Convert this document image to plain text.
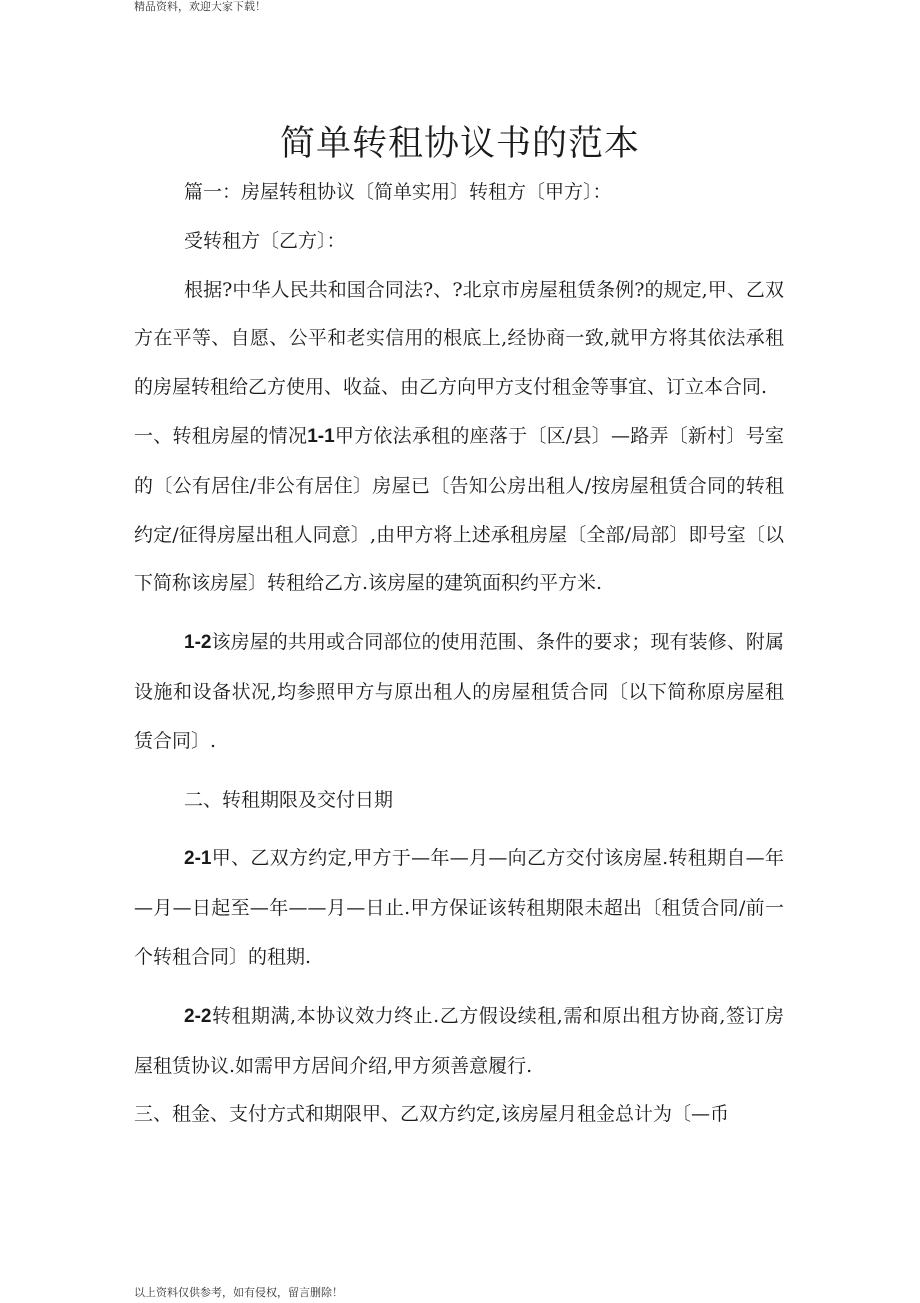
精品资料，欢迎大家下载！
简单转租协议书的范本

篇一：房屋转租协议〔简单实用〕转租方〔甲方〕：

受转租方〔乙方〕：

根据?中华人民共和国合同法?、?北京市房屋租赁条例?的规定,甲、乙双方在平等、自愿、公平和老实信用的根底上,经协商一致,就甲方将其依法承租的房屋转租给乙方使用、收益、由乙方向甲方支付租金等事宜、订立本合同.

一、转租房屋的情况1-1甲方依法承租的座落于〔区/县〕—路弄〔新村〕号室的〔公有居住/非公有居住〕房屋已〔告知公房出租人/按房屋租赁合同的转租约定/征得房屋出租人同意〕,由甲方将上述承租房屋〔全部/局部〕即号室〔以下简称该房屋〕转租给乙方.该房屋的建筑面积约平方米.

1-2该房屋的共用或合同部位的使用范围、条件的要求；现有装修、附属设施和设备状况,均参照甲方与原出租人的房屋租赁合同〔以下简称原房屋租赁合同〕.

二、转租期限及交付日期

2-1甲、乙双方约定,甲方于—年—月—向乙方交付该房屋.转租期自—年—月—日起至—年——月—日止.甲方保证该转租期限未超出〔租赁合同/前一个转租合同〕的租期.

2-2转租期满,本协议效力终止.乙方假设续租,需和原出租方协商,签订房屋租赁协议.如需甲方居间介绍,甲方须善意履行.

三、租金、支付方式和期限甲、乙双方约定,该房屋月租金总计为〔—币

以上资料仅供参考，如有侵权，留言删除！
